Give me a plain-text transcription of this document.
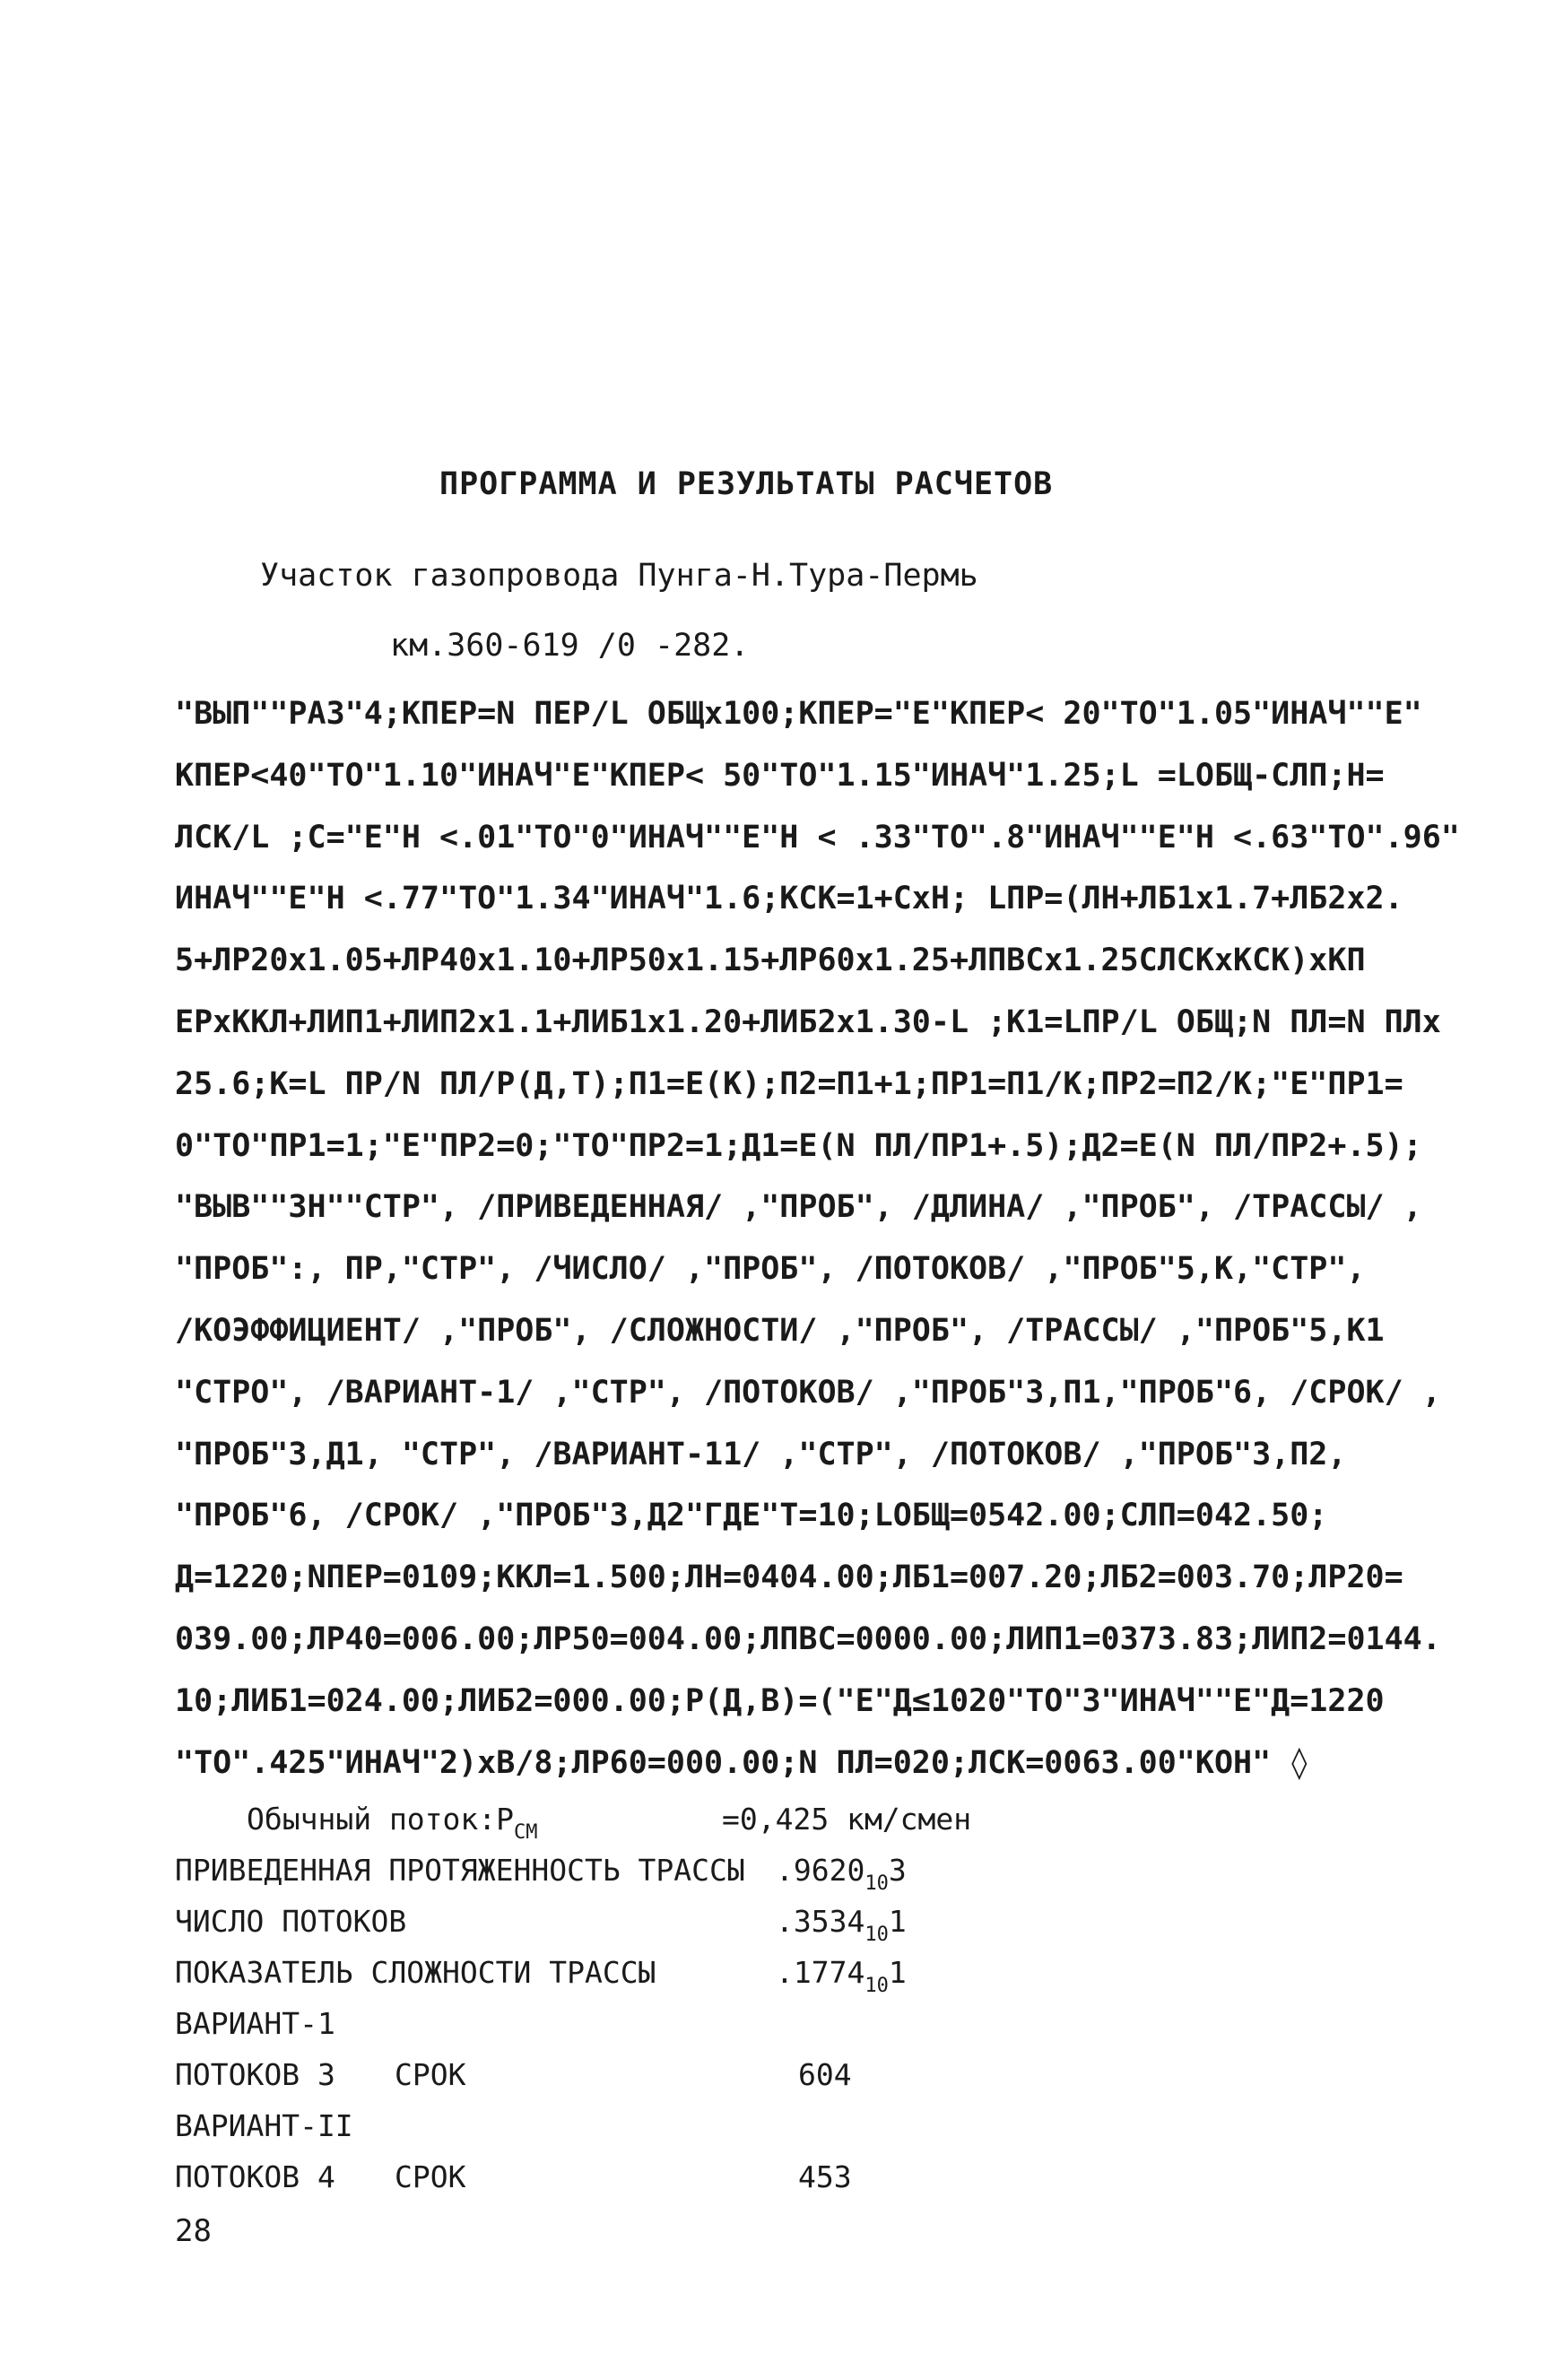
ПРОГРАММА И РЕЗУЛЬТАТЫ РАСЧЕТОВ
Участок газопровода Пунга-Н.Тура-Пермь
км.360-619 /0 -282.
"ВЫП""РАЗ"4;КПЕР=N ПЕР/L ОБЩх100;КПЕР="Е"КПЕР< 20"ТО"1.05"ИНАЧ""Е"
КПЕР<40"ТО"1.10"ИНАЧ"Е"КПЕР< 50"ТО"1.15"ИНАЧ"1.25;L =LОБЩ-СЛП;Н=
ЛСК/L ;С="Е"Н <.01"ТО"0"ИНАЧ""Е"Н < .33"ТО".8"ИНАЧ""Е"Н <.63"ТО".96"
ИНАЧ""Е"Н <.77"ТО"1.34"ИНАЧ"1.6;КСК=1+СхН; LПР=(ЛН+ЛБ1х1.7+ЛБ2х2.
5+ЛР20х1.05+ЛР40х1.10+ЛР50х1.15+ЛР60х1.25+ЛПВСх1.25СЛСКхКСК)хКП
ЕРхККЛ+ЛИП1+ЛИП2х1.1+ЛИБ1х1.20+ЛИБ2х1.30-L ;К1=LПР/L ОБЩ;N ПЛ=N ПЛх
25.6;К=L ПР/N ПЛ/Р(Д,Т);П1=Е(К);П2=П1+1;ПР1=П1/К;ПР2=П2/К;"Е"ПР1=
0"ТО"ПР1=1;"Е"ПР2=0;"ТО"ПР2=1;Д1=Е(N ПЛ/ПР1+.5);Д2=Е(N ПЛ/ПР2+.5);
"ВЫВ""ЗН""СТР", /ПРИВЕДЕННАЯ/ ,"ПРОБ", /ДЛИНА/ ,"ПРОБ", /ТРАССЫ/ ,
"ПРОБ":, ПР,"СТР", /ЧИСЛО/ ,"ПРОБ", /ПОТОКОВ/ ,"ПРОБ"5,К,"СТР",
/КОЭФФИЦИЕНТ/ ,"ПРОБ", /СЛОЖНОСТИ/ ,"ПРОБ", /ТРАССЫ/ ,"ПРОБ"5,К1
"СТРО", /ВАРИАНТ-1/ ,"СТР", /ПОТОКОВ/ ,"ПРОБ"3,П1,"ПРОБ"6, /СРОК/ ,
"ПРОБ"3,Д1, "СТР", /ВАРИАНТ-11/ ,"СТР", /ПОТОКОВ/ ,"ПРОБ"3,П2,
"ПРОБ"6, /СРОК/ ,"ПРОБ"3,Д2"ГДЕ"Т=10;LОБЩ=0542.00;СЛП=042.50;
Д=1220;NПЕР=0109;ККЛ=1.500;ЛН=0404.00;ЛБ1=007.20;ЛБ2=003.70;ЛР20=
039.00;ЛР40=006.00;ЛР50=004.00;ЛПВС=0000.00;ЛИП1=0373.83;ЛИП2=0144.
10;ЛИБ1=024.00;ЛИБ2=000.00;Р(Д,В)=("Е"Д≤1020"ТО"3"ИНАЧ""Е"Д=1220
"ТО".425"ИНАЧ"2)хВ/8;ЛР60=000.00;N ПЛ=020;ЛСК=0063.00"КОН" ◊
Обычный $поток:Р_{СМ}$	=0,425 км/смен
ПРИВЕДЕННАЯ ПРОТЯЖЕННОСТЬ ТРАССЫ $.9620_{10}3$
ЧИСЛО ПОТОКОВ	$.3534_{10}1$
ПОКАЗАТЕЛЬ СЛОЖНОСТИ ТРАССЫ	$.1774_{10}1$
ВАРИАНТ-1
ПОТОКОВ 3 СРОК	604
ВАРИАНТ-II
ПОТОКОВ 4 СРОК	453
28
